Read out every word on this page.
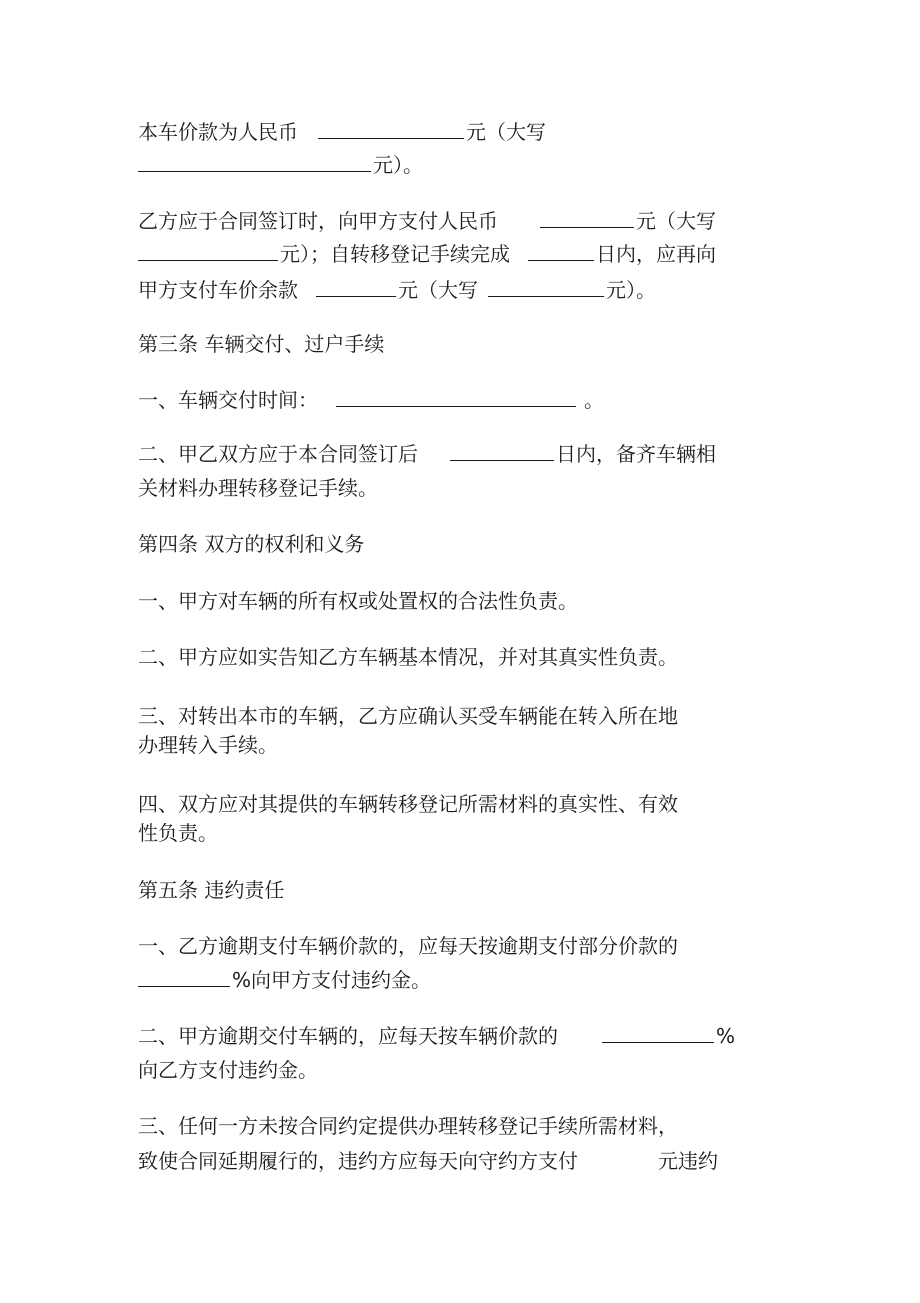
本车价款为人民币	元（大写
元）。
乙方应于合同签订时，向甲方支付人民币	元（大写
元）；自转移登记手续完成	日内，应再向
甲方支付车价余款	元（大写	元）。
第三条 车辆交付、过户手续
一、车辆交付时间：	。
二、甲乙双方应于本合同签订后	日内，备齐车辆相
关材料办理转移登记手续。
第四条 双方的权利和义务
一、甲方对车辆的所有权或处置权的合法性负责。
二、甲方应如实告知乙方车辆基本情况，并对其真实性负责。
三、对转出本市的车辆，乙方应确认买受车辆能在转入所在地
办理转入手续。
四、双方应对其提供的车辆转移登记所需材料的真实性、有效
性负责。
第五条 违约责任
一、乙方逾期支付车辆价款的，应每天按逾期支付部分价款的
%向甲方支付违约金。
二、甲方逾期交付车辆的，应每天按车辆价款的	%
向乙方支付违约金。
三、任何一方未按合同约定提供办理转移登记手续所需材料，
致使合同延期履行的，违约方应每天向守约方支付	元违约
